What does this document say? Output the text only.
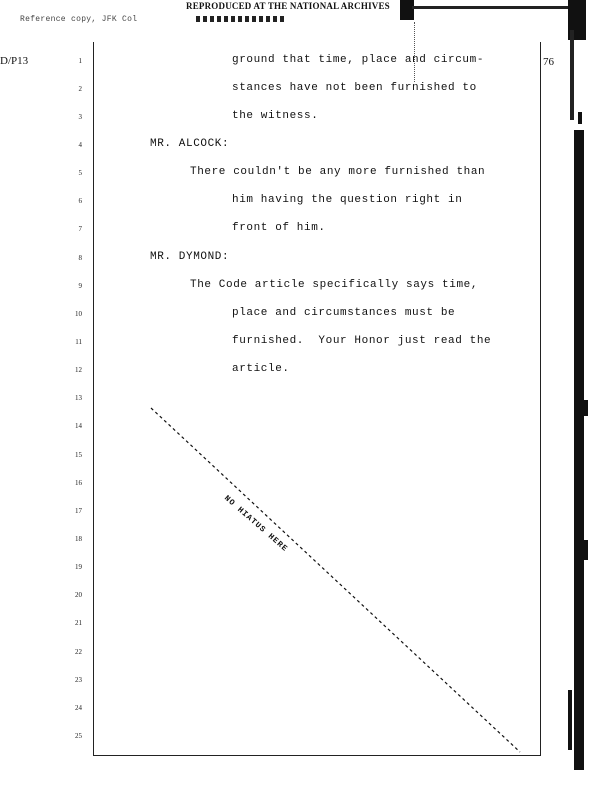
Reference copy, JFK Col
REPRODUCED AT THE NATIONAL ARCHIVES
D/P13	76
1
2
3
4
5
6
7
8
9
10
11
12
13
14
15
16
17
18
19
20
21
22
23
24
25
ground that time, place and circum-
stances have not been furnished to
the witness.
MR. ALCOCK:
There couldn't be any more furnished than
him having the question right in
front of him.
MR. DYMOND:
The Code article specifically says time,
place and circumstances must be
furnished.  Your Honor just read the
article.
NO HIATUS HERE
